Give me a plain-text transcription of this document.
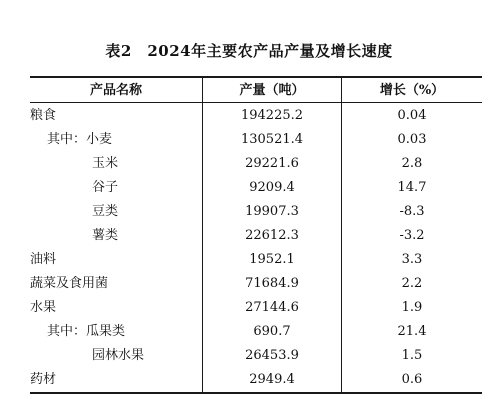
表2　2024年主要农产品产量及增长速度
产品名称	产量（吨）	增长（%）
粮食	194225.2	0.04
其中：小麦	130521.4	0.03
玉米	29221.6	2.8
谷子	9209.4	14.7
豆类	19907.3	-8.3
薯类	22612.3	-3.2
油料	1952.1	3.3
蔬菜及食用菌	71684.9	2.2
水果	27144.6	1.9
其中：瓜果类	690.7	21.4
园林水果	26453.9	1.5
药材	2949.4	0.6
